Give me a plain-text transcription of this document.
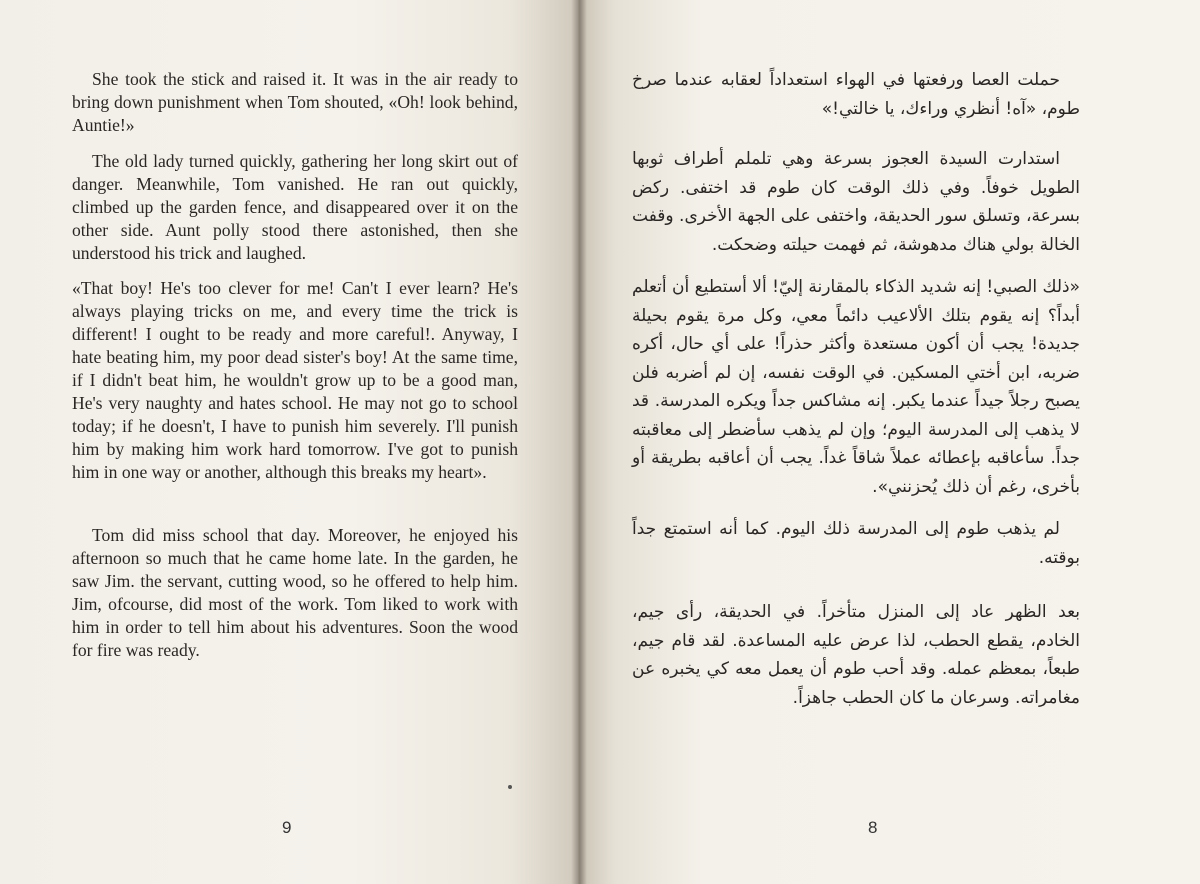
She took the stick and raised it. It was in the air ready to bring down punishment when Tom shouted, «Oh! look behind, Auntie!»

The old lady turned quickly, gathering her long skirt out of danger. Meanwhile, Tom vanished. He ran out quickly, climbed up the garden fence, and disappeared over it on the other side. Aunt polly stood there astonished, then she understood his trick and laughed.

«That boy! He's too clever for me! Can't I ever learn? He's always playing tricks on me, and every time the trick is different! I ought to be ready and more careful!. Anyway, I hate beating him, my poor dead sister's boy! At the same time, if I didn't beat him, he wouldn't grow up to be a good man, He's very naughty and hates school. He may not go to school today; if he doesn't, I have to punish him severely. I'll punish him by making him work hard tomorrow. I've got to punish him in one way or another, although this breaks my heart».

Tom did miss school that day. Moreover, he enjoyed his afternoon so much that he came home late. In the garden, he saw Jim. the servant, cutting wood, so he offered to help him. Jim, ofcourse, did most of the work. Tom liked to work with him in order to tell him about his adventures. Soon the wood for fire was ready.

9

حملت العصا ورفعتها في الهواء استعداداً لعقابه عندما صرخ طوم، «آه! أنظري وراءك، يا خالتي!»

استدارت السيدة العجوز بسرعة وهي تلملم أطراف ثوبها الطويل خوفاً. وفي ذلك الوقت كان طوم قد اختفى. ركض بسرعة، وتسلق سور الحديقة، واختفى على الجهة الأخرى. وقفت الخالة بولي هناك مدهوشة، ثم فهمت حيلته وضحكت.

«ذلك الصبي! إنه شديد الذكاء بالمقارنة إليّ! ألا أستطيع أن أتعلم أبداً؟ إنه يقوم بتلك الألاعيب دائماً معي، وكل مرة يقوم بحيلة جديدة! يجب أن أكون مستعدة وأكثر حذراً! على أي حال، أكره ضربه، ابن أختي المسكين. في الوقت نفسه، إن لم أضربه فلن يصبح رجلاً جيداً عندما يكبر. إنه مشاكس جداً ويكره المدرسة. قد لا يذهب إلى المدرسة اليوم؛ وإن لم يذهب سأضطر إلى معاقبته جداً. سأعاقبه بإعطائه عملاً شاقاً غداً. يجب أن أعاقبه بطريقة أو بأخرى، رغم أن ذلك يُحزنني».

لم يذهب طوم إلى المدرسة ذلك اليوم. كما أنه استمتع جداً بوقته.

بعد الظهر عاد إلى المنزل متأخراً. في الحديقة، رأى جيم، الخادم، يقطع الحطب، لذا عرض عليه المساعدة. لقد قام جيم، طبعاً، بمعظم عمله. وقد أحب طوم أن يعمل معه كي يخبره عن مغامراته. وسرعان ما كان الحطب جاهزاً.

8
